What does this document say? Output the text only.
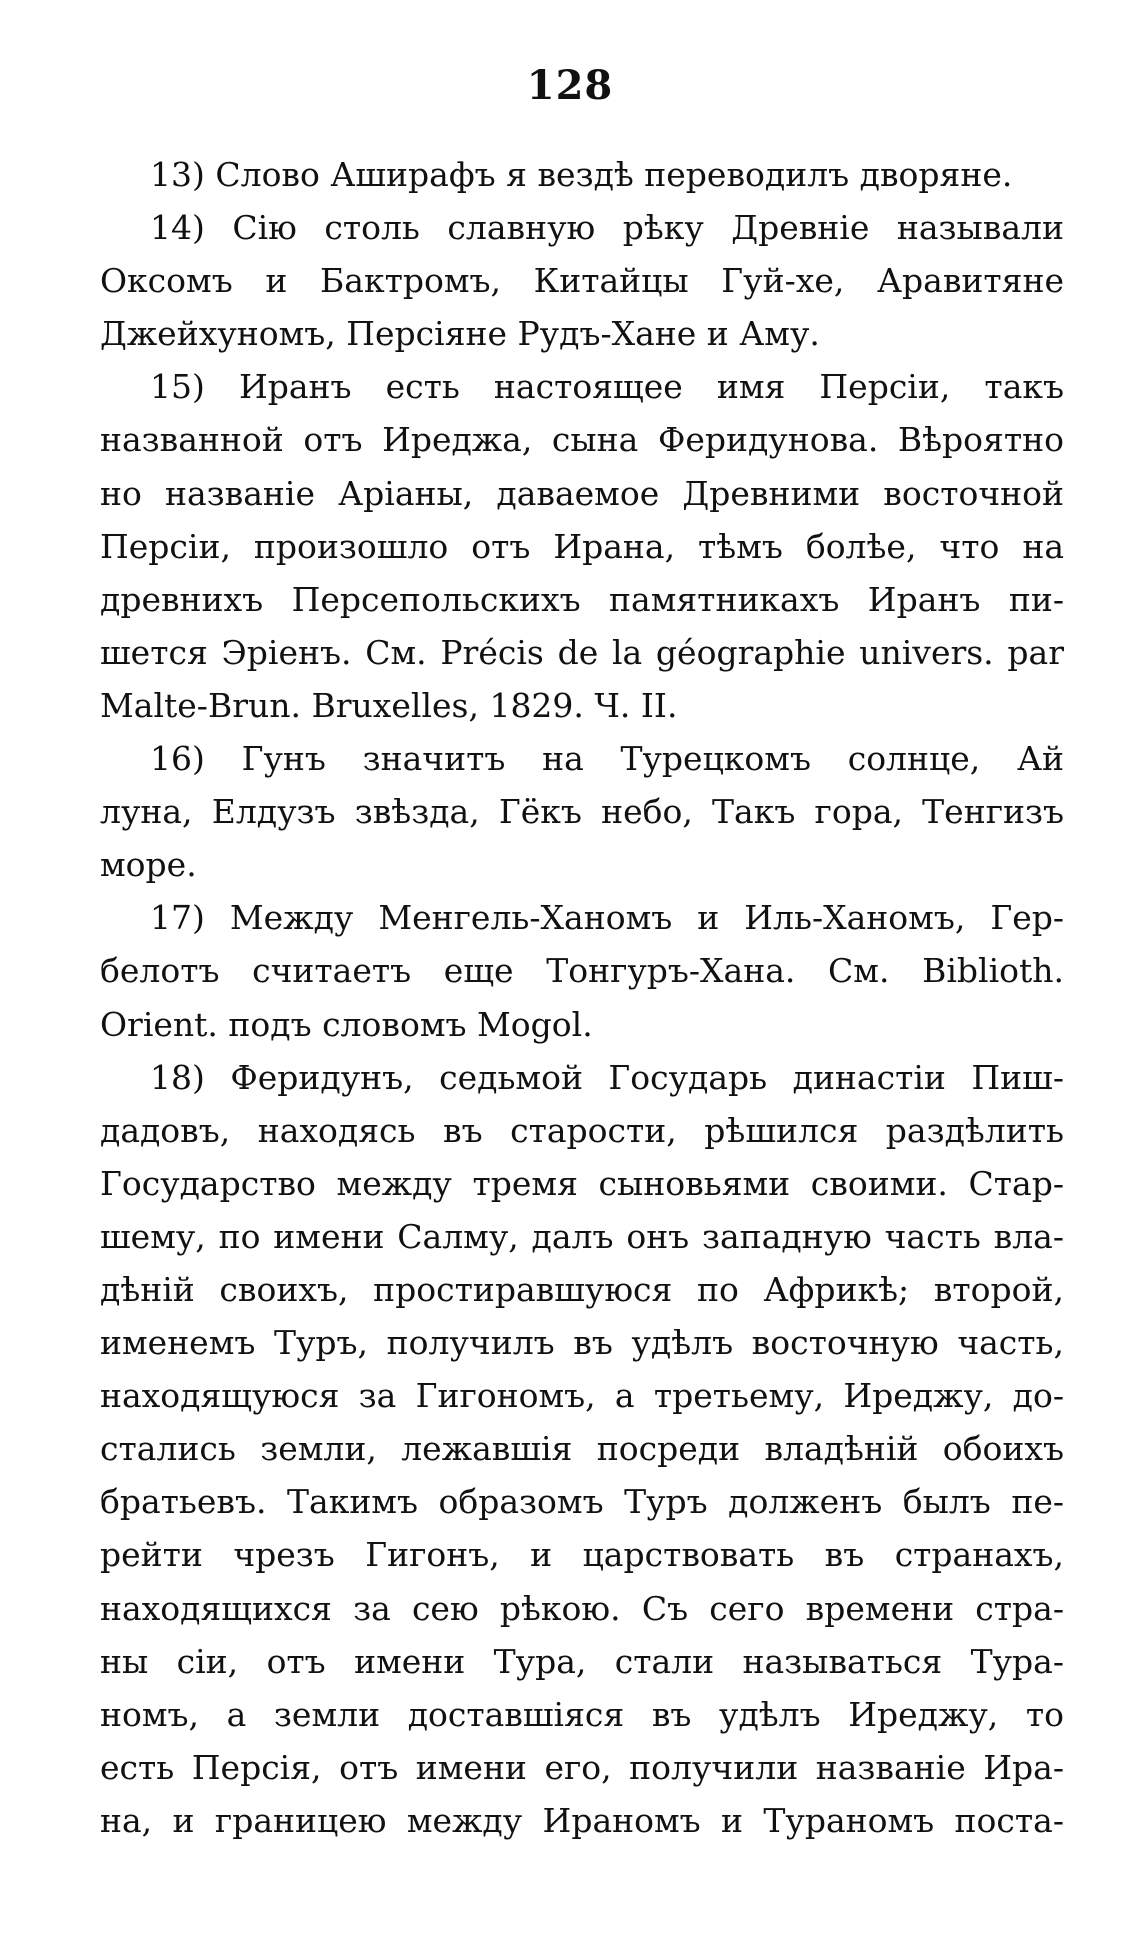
128
13) Слово Аширафъ я вездѣ переводилъ дворяне.
14) Сію столь славную рѣку Древніе называли
Оксомъ и Бактромъ, Китайцы Гуй-хе, Аравитяне
Джейхуномъ, Персіяне Рудъ-Хане и Аму.
15) Иранъ есть настоящее имя Персіи, такъ
названной отъ Иреджа, сына Феридунова. Вѣроятно
но названіе Аріаны, даваемое Древними восточной
Персіи, произошло отъ Ирана, тѣмъ болѣе, что на
древнихъ Персепольскихъ памятникахъ Иранъ пи-
шется Эріенъ. См. Précis de la géographie univers. par
Malte-Brun. Bruxelles, 1829. Ч. II.
16) Гунъ значитъ на Турецкомъ солнце, Ай
луна, Елдузъ звѣзда, Гёкъ небо, Такъ гора, Тенгизъ
море.
17) Между Менгель-Ханомъ и Иль-Ханомъ, Гер-
белотъ считаетъ еще Тонгуръ-Хана. См. Biblioth.
Orient. подъ словомъ Mogol.
18) Феридунъ, седьмой Государь династіи Пиш-
дадовъ, находясь въ старости, рѣшился раздѣлить
Государство между тремя сыновьями своими. Стар-
шему, по имени Салму, далъ онъ западную часть вла-
дѣній своихъ, простиравшуюся по Африкѣ; второй,
именемъ Туръ, получилъ въ удѣлъ восточную часть,
находящуюся за Гигономъ, а третьему, Иреджу, до-
стались земли, лежавшія посреди владѣній обоихъ
братьевъ. Такимъ образомъ Туръ долженъ былъ пе-
рейти чрезъ Гигонъ, и царствовать въ странахъ,
находящихся за сею рѣкою. Съ сего времени стра-
ны сіи, отъ имени Тура, стали называться Тура-
номъ, а земли доставшіяся въ удѣлъ Иреджу, то
есть Персія, отъ имени его, получили названіе Ира-
на, и границею между Ираномъ и Тураномъ поста-
